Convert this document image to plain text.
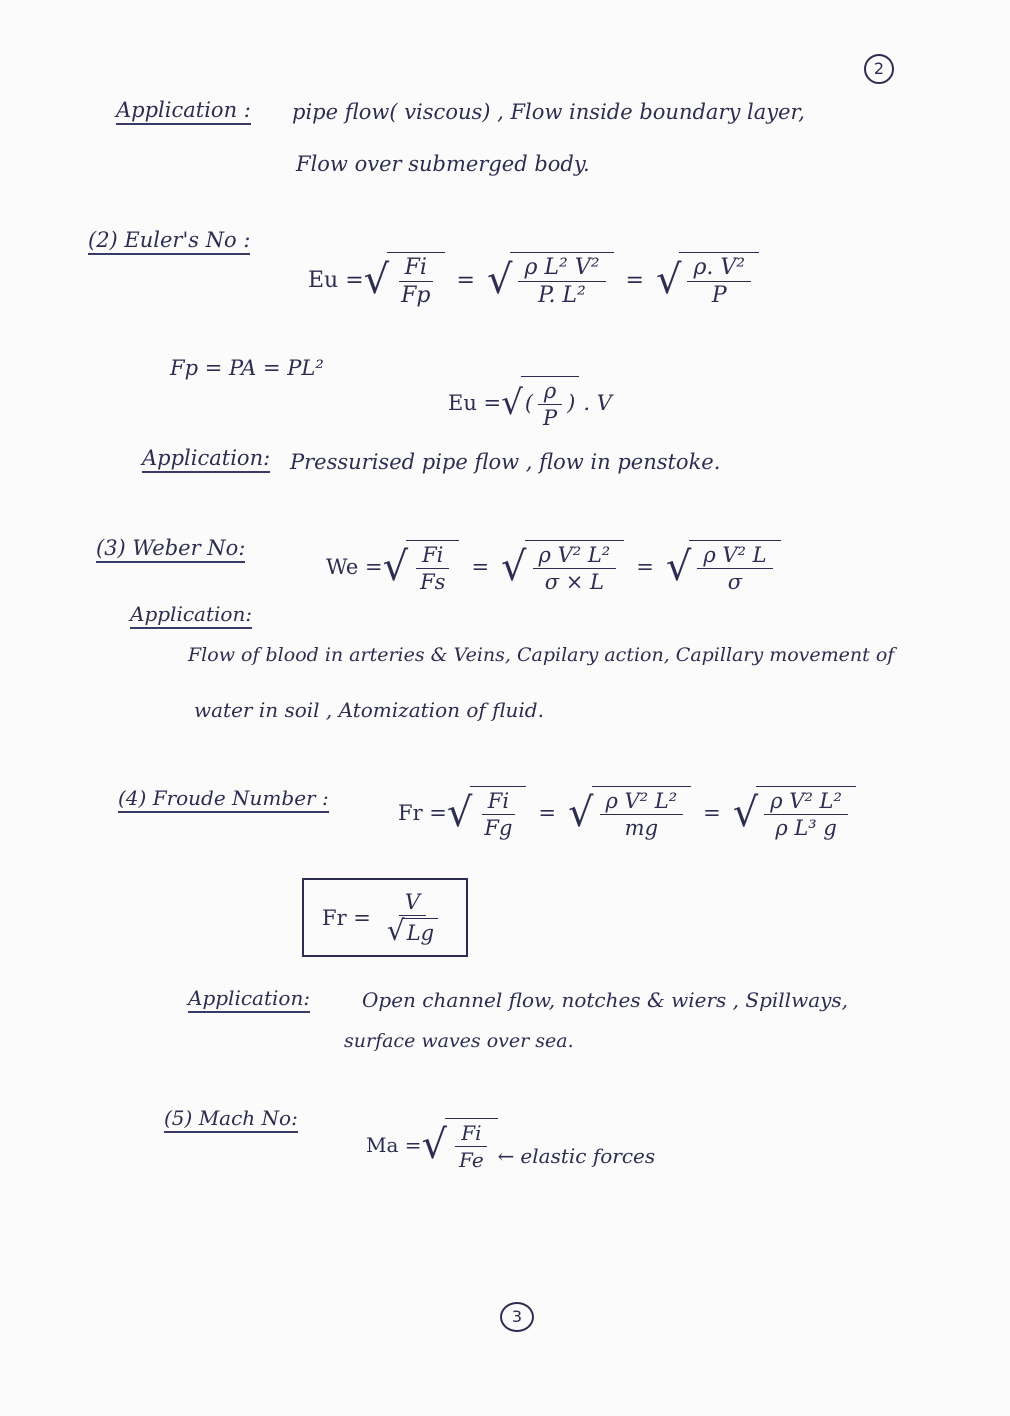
2
Application : pipe flow( viscous) , Flow inside boundary layer,
Flow over submerged body.
(2) Euler's No :
Eu = √ $\frac{Fi}{Fp}$ = √ $\frac{\text{ρ L² V²}}{\text{P. L²}}$ = √ $\frac{\text{ρ. V²}}{P}$
Fp = PA = PL²
Eu = √ ( $\frac{\rho}{P}$ ) . V
Application: Pressurised pipe flow , flow in penstoke.
(3) Weber No:
We = √ $\frac{Fi}{Fs}$ = √ $\frac{\text{ρ V² L²}}{\sigma \times L}$ = √ $\frac{\text{ρ V² L}}{\sigma}$
Application:
Flow of blood in arteries & Veins, Capilary action, Capillary movement of
water in soil , Atomization of fluid.
(4) Froude Number :
Fr = √ $\frac{Fi}{Fg}$ = √ $\frac{\text{ρ V² L²}}{mg}$ = √ $\frac{\text{ρ V² L²}}{\text{ρ L³ g}}$
$Fr = \frac{V}{√ Lg}$
Application:	Open channel flow, notches & wiers , Spillways,
surface waves over sea.
(5) Mach No:
Ma = √ $\frac{Fi}{Fe}$ ← elastic forces
3
